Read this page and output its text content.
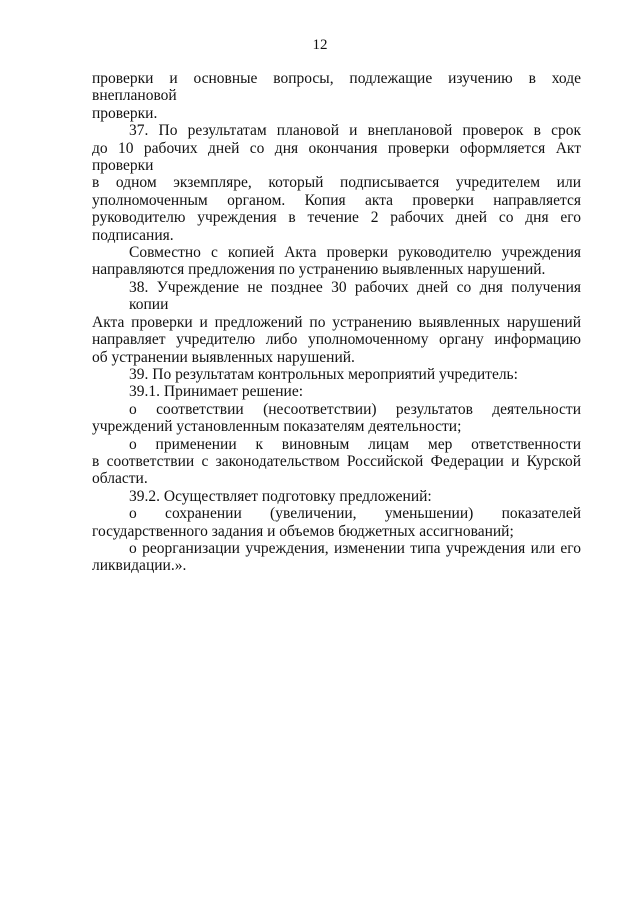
12
проверки и основные вопросы, подлежащие изучению в ходе внеплановой
проверки.
37. По результатам плановой и внеплановой проверок в срок
до 10 рабочих дней со дня окончания проверки оформляется Акт проверки
в одном экземпляре, который подписывается учредителем или
уполномоченным органом. Копия акта проверки направляется
руководителю учреждения в течение 2 рабочих дней со дня его
подписания.
Совместно с копией Акта проверки руководителю учреждения
направляются предложения по устранению выявленных нарушений.
38. Учреждение не позднее 30 рабочих дней со дня получения копии
Акта проверки и предложений по устранению выявленных нарушений
направляет учредителю либо уполномоченному органу информацию
об устранении выявленных нарушений.
39. По результатам контрольных мероприятий учредитель:
39.1. Принимает решение:
о соответствии (несоответствии) результатов деятельности
учреждений установленным показателям деятельности;
о применении к виновным лицам мер ответственности
в соответствии с законодательством Российской Федерации и Курской
области.
39.2. Осуществляет подготовку предложений:
о сохранении (увеличении, уменьшении) показателей
государственного задания и объемов бюджетных ассигнований;
о реорганизации учреждения, изменении типа учреждения или его
ликвидации.».
